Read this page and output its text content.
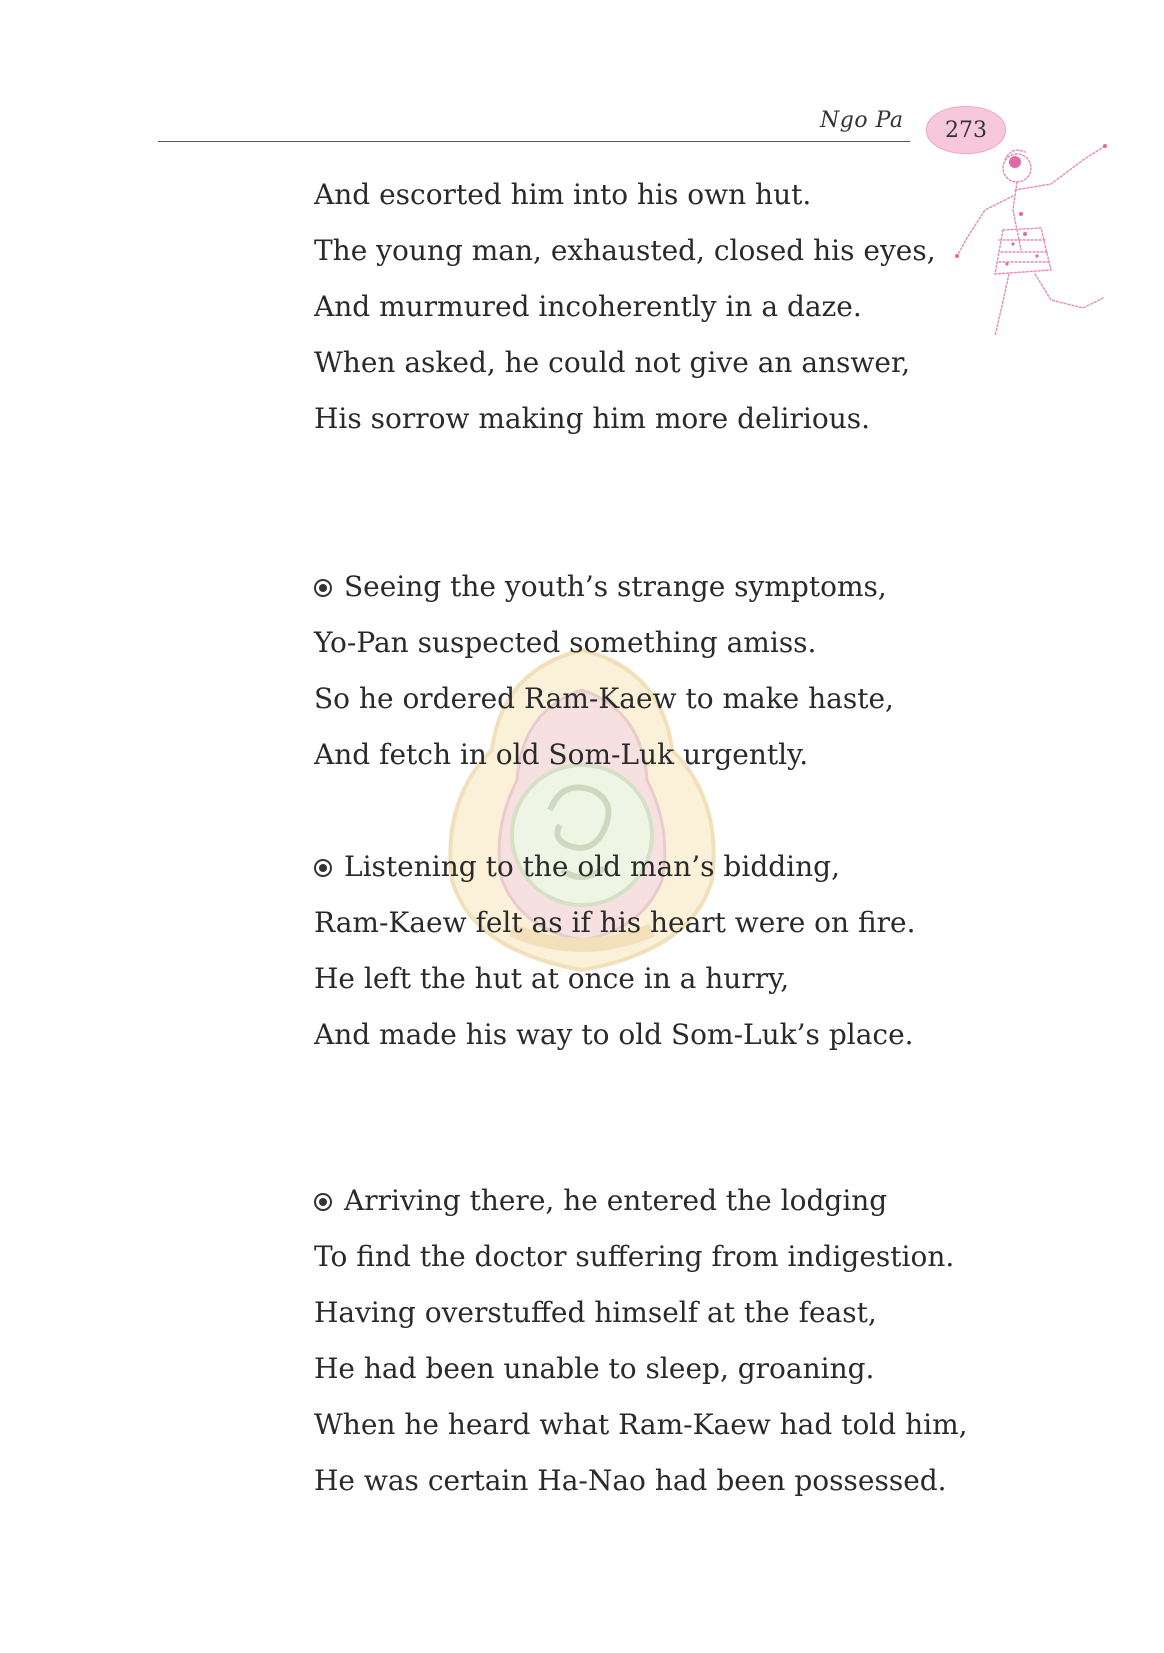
Ngo Pa 273
And escorted him into his own hut.
The young man, exhausted, closed his eyes,
And murmured incoherently in a daze.
When asked, he could not give an answer,
His sorrow making him more delirious.
Seeing the youth’s strange symptoms,
Yo-Pan suspected something amiss.
So he ordered Ram-Kaew to make haste,
And fetch in old Som-Luk urgently.
Listening to the old man’s bidding,
Ram-Kaew felt as if his heart were on fire.
He left the hut at once in a hurry,
And made his way to old Som-Luk’s place.
Arriving there, he entered the lodging
To find the doctor suffering from indigestion.
Having overstuffed himself at the feast,
He had been unable to sleep, groaning.
When he heard what Ram-Kaew had told him,
He was certain Ha-Nao had been possessed.
